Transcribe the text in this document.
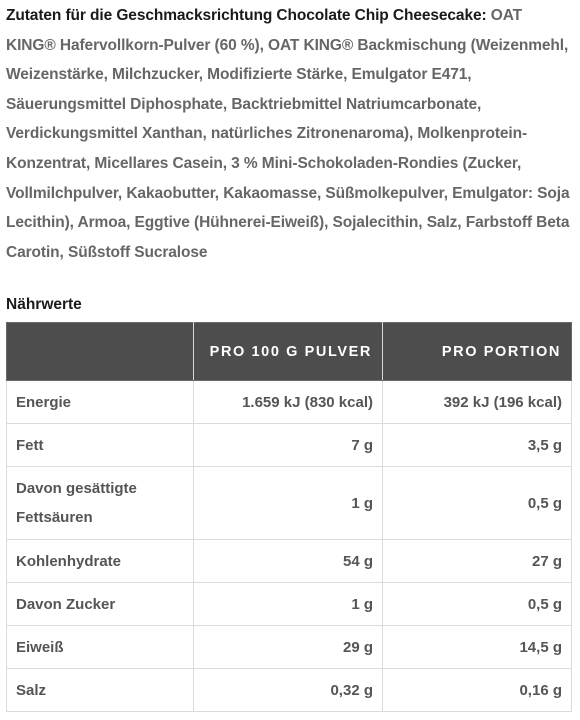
Zutaten für die Geschmacksrichtung Chocolate Chip Cheesecake: OAT KING® Hafervollkorn-Pulver (60 %), OAT KING® Backmischung (Weizenmehl, Weizenstärke, Milchzucker, Modifizierte Stärke, Emulgator E471, Säuerungsmittel Diphosphate, Backtriebmittel Natriumcarbonate, Verdickungsmittel Xanthan, natürliches Zitronenaroma), Molkenprotein-Konzentrat, Micellares Casein, 3 % Mini-Schokoladen-Rondies (Zucker, Vollmilchpulver, Kakaobutter, Kakaomasse, Süßmolkepulver, Emulgator: Soja Lecithin), Armoa, Eggtive (Hühnerei-Eiweiß), Sojalecithin, Salz, Farbstoff Beta Carotin, Süßstoff Sucralose

Nährwerte
	PRO 100 G PULVER	PRO PORTION
Energie	1.659 kJ (830 kcal)	392 kJ (196 kcal)
Fett	7 g	3,5 g
Davon gesättigte Fettsäuren	1 g	0,5 g
Kohlenhydrate	54 g	27 g
Davon Zucker	1 g	0,5 g
Eiweiß	29 g	14,5 g
Salz	0,32 g	0,16 g
